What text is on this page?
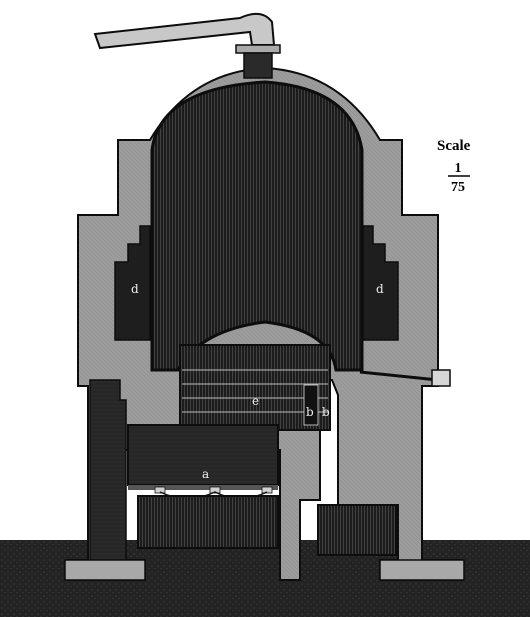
Scale
1
75
d	d
e
b b
a
